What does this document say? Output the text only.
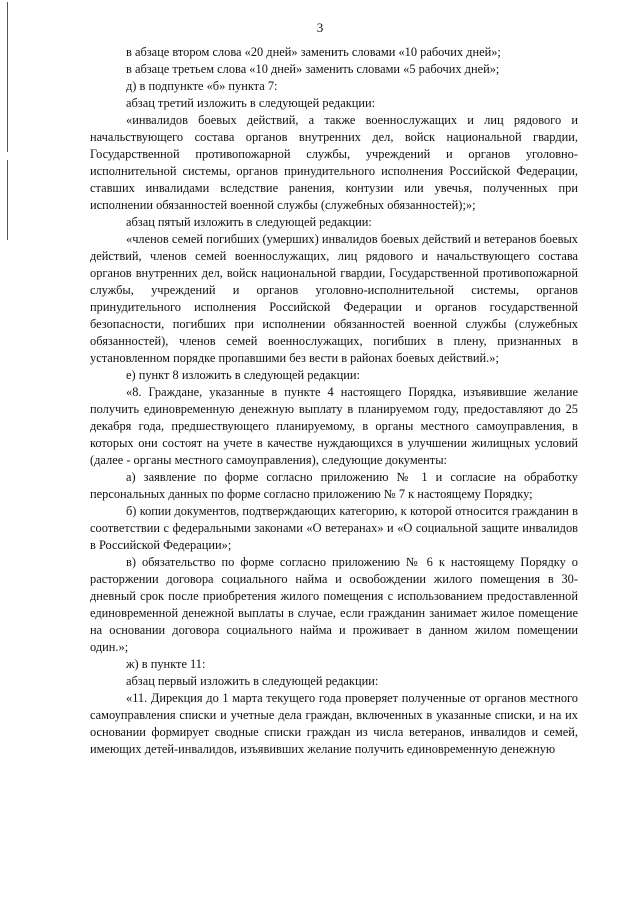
3

в абзаце втором слова «20 дней» заменить словами «10 рабочих дней»;

в абзаце третьем слова «10 дней» заменить словами «5 рабочих дней»;

д) в подпункте «б» пункта 7:

абзац третий изложить в следующей редакции:

«инвалидов боевых действий, а также военнослужащих и лиц рядового и начальствующего состава органов внутренних дел, войск национальной гвардии, Государственной противопожарной службы, учреждений и органов уголовно-исполнительной системы, органов принудительного исполнения Российской Федерации, ставших инвалидами вследствие ранения, контузии или увечья, полученных при исполнении обязанностей военной службы (служебных обязанностей);»;

абзац пятый изложить в следующей редакции:

«членов семей погибших (умерших) инвалидов боевых действий и ветеранов боевых действий, членов семей военнослужащих, лиц рядового и начальствующего состава органов внутренних дел, войск национальной гвардии, Государственной противопожарной службы, учреждений и органов уголовно-исполнительной системы, органов принудительного исполнения Российской Федерации и органов государственной безопасности, погибших при исполнении обязанностей военной службы (служебных обязанностей), членов семей военнослужащих, погибших в плену, признанных в установленном порядке пропавшими без вести в районах боевых действий.»;

е) пункт 8 изложить в следующей редакции:

«8. Граждане, указанные в пункте 4 настоящего Порядка, изъявившие желание получить единовременную денежную выплату в планируемом году, предоставляют до 25 декабря года, предшествующего планируемому, в органы местного самоуправления, в которых они состоят на учете в качестве нуждающихся в улучшении жилищных условий (далее - органы местного самоуправления), следующие документы:

а) заявление по форме согласно приложению № 1 и согласие на обработку персональных данных по форме согласно приложению № 7 к настоящему Порядку;

б) копии документов, подтверждающих категорию, к которой относится гражданин в соответствии с федеральными законами «О ветеранах» и «О социальной защите инвалидов в Российской Федерации»;

в) обязательство по форме согласно приложению № 6 к настоящему Порядку о расторжении договора социального найма и освобождении жилого помещения в 30-дневный срок после приобретения жилого помещения с использованием предоставленной единовременной денежной выплаты в случае, если гражданин занимает жилое помещение на основании договора социального найма и проживает в данном жилом помещении один.»;

ж) в пункте 11:

абзац первый изложить в следующей редакции:

«11. Дирекция до 1 марта текущего года проверяет полученные от органов местного самоуправления списки и учетные дела граждан, включенных в указанные списки, и на их основании формирует сводные списки граждан из числа ветеранов, инвалидов и семей, имеющих детей-инвалидов, изъявивших желание получить единовременную денежную
